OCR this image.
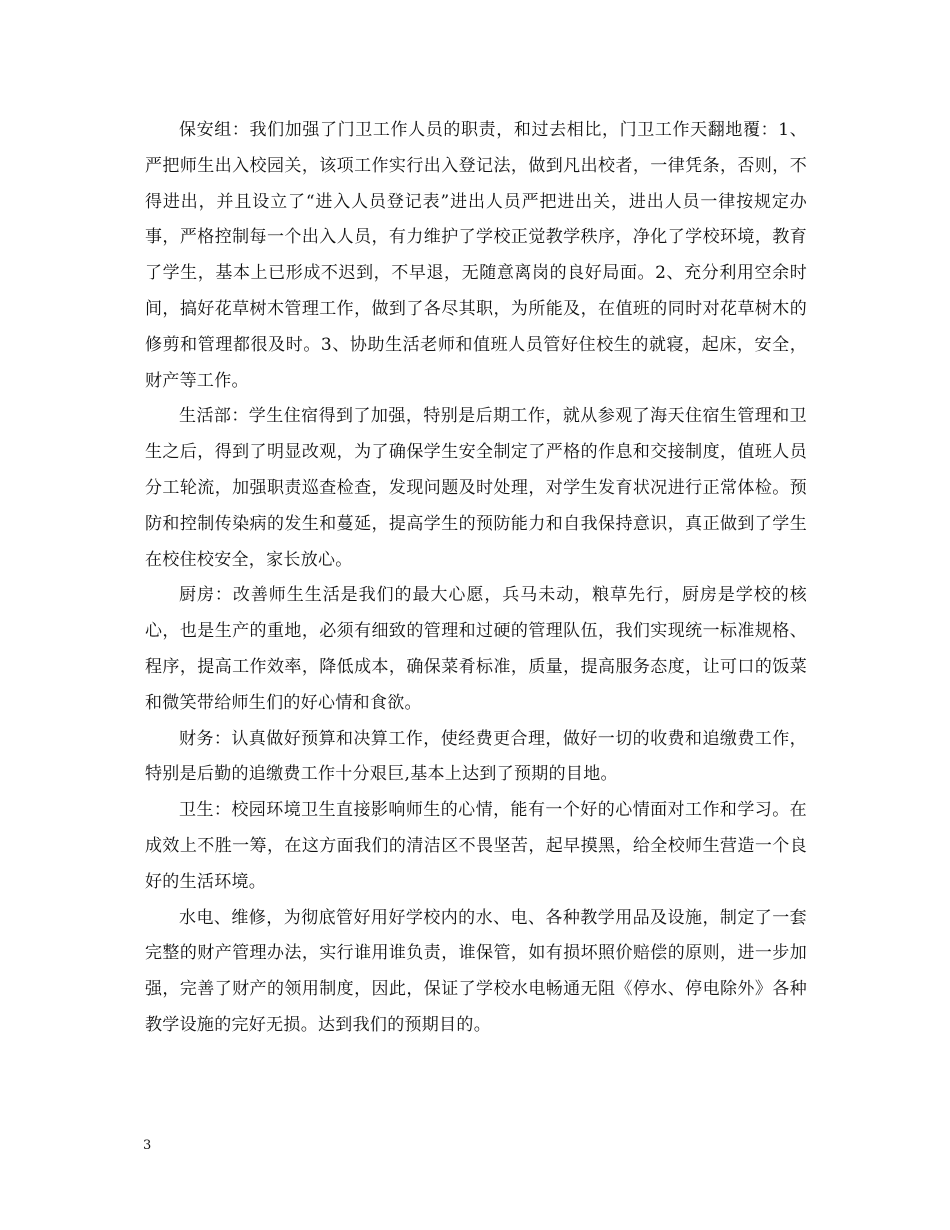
保安组：我们加强了门卫工作人员的职责，和过去相比，门卫工作天翻地覆：1、严把师生出入校园关，该项工作实行出入登记法，做到凡出校者，一律凭条，否则，不得进出，并且设立了“进入人员登记表”进出人员严把进出关，进出人员一律按规定办事，严格控制每一个出入人员，有力维护了学校正觉教学秩序，净化了学校环境，教育了学生，基本上已形成不迟到，不早退，无随意离岗的良好局面。2、充分利用空余时间，搞好花草树木管理工作，做到了各尽其职，为所能及，在值班的同时对花草树木的修剪和管理都很及时。3、协助生活老师和值班人员管好住校生的就寝，起床，安全，财产等工作。

生活部：学生住宿得到了加强，特别是后期工作，就从参观了海天住宿生管理和卫生之后，得到了明显改观，为了确保学生安全制定了严格的作息和交接制度，值班人员分工轮流，加强职责巡查检查，发现问题及时处理，对学生发育状况进行正常体检。预防和控制传染病的发生和蔓延，提高学生的预防能力和自我保持意识，真正做到了学生在校住校安全，家长放心。

厨房：改善师生生活是我们的最大心愿，兵马未动，粮草先行，厨房是学校的核心，也是生产的重地，必须有细致的管理和过硬的管理队伍，我们实现统一标准规格、程序，提高工作效率，降低成本，确保菜肴标准，质量，提高服务态度，让可口的饭菜和微笑带给师生们的好心情和食欲。

财务：认真做好预算和决算工作，使经费更合理，做好一切的收费和追缴费工作，特别是后勤的追缴费工作十分艰巨,基本上达到了预期的目地。

卫生：校园环境卫生直接影响师生的心情，能有一个好的心情面对工作和学习。在成效上不胜一筹，在这方面我们的清洁区不畏坚苦，起早摸黑，给全校师生营造一个良好的生活环境。

水电、维修，为彻底管好用好学校内的水、电、各种教学用品及设施，制定了一套完整的财产管理办法，实行谁用谁负责，谁保管，如有损坏照价赔偿的原则，进一步加强，完善了财产的领用制度，因此，保证了学校水电畅通无阻《停水、停电除外》各种教学设施的完好无损。达到我们的预期目的。

3
